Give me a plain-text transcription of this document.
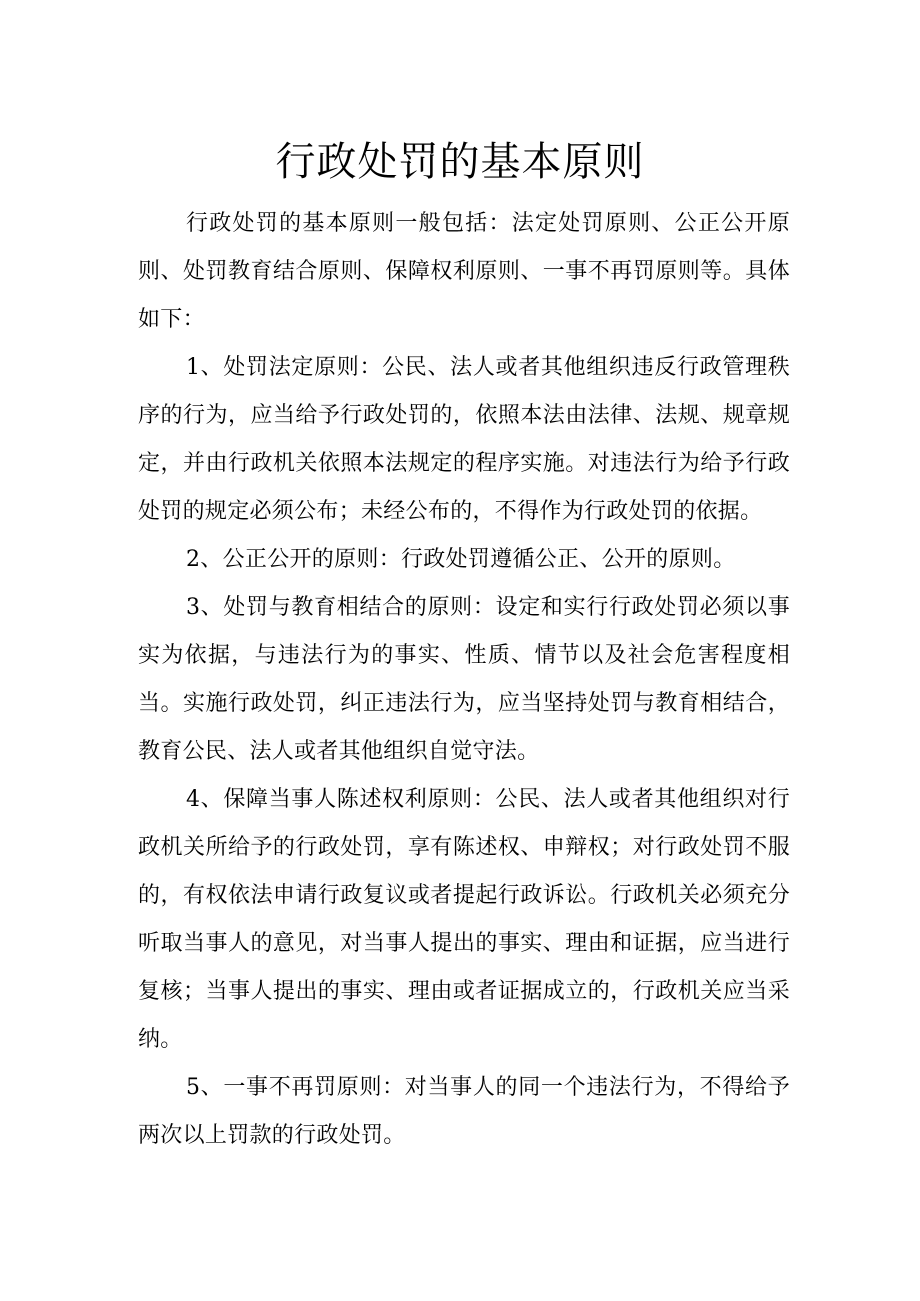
行政处罚的基本原则

行政处罚的基本原则一般包括：法定处罚原则、公正公开原则、处罚教育结合原则、保障权利原则、一事不再罚原则等。具体如下：

1、处罚法定原则：公民、法人或者其他组织违反行政管理秩序的行为，应当给予行政处罚的，依照本法由法律、法规、规章规定，并由行政机关依照本法规定的程序实施。对违法行为给予行政处罚的规定必须公布；未经公布的，不得作为行政处罚的依据。

2、公正公开的原则：行政处罚遵循公正、公开的原则。

3、处罚与教育相结合的原则：设定和实行行政处罚必须以事实为依据，与违法行为的事实、性质、情节以及社会危害程度相当。实施行政处罚，纠正违法行为，应当坚持处罚与教育相结合，教育公民、法人或者其他组织自觉守法。

4、保障当事人陈述权利原则：公民、法人或者其他组织对行政机关所给予的行政处罚，享有陈述权、申辩权；对行政处罚不服的，有权依法申请行政复议或者提起行政诉讼。行政机关必须充分听取当事人的意见，对当事人提出的事实、理由和证据，应当进行复核；当事人提出的事实、理由或者证据成立的，行政机关应当采纳。

5、一事不再罚原则：对当事人的同一个违法行为，不得给予两次以上罚款的行政处罚。
